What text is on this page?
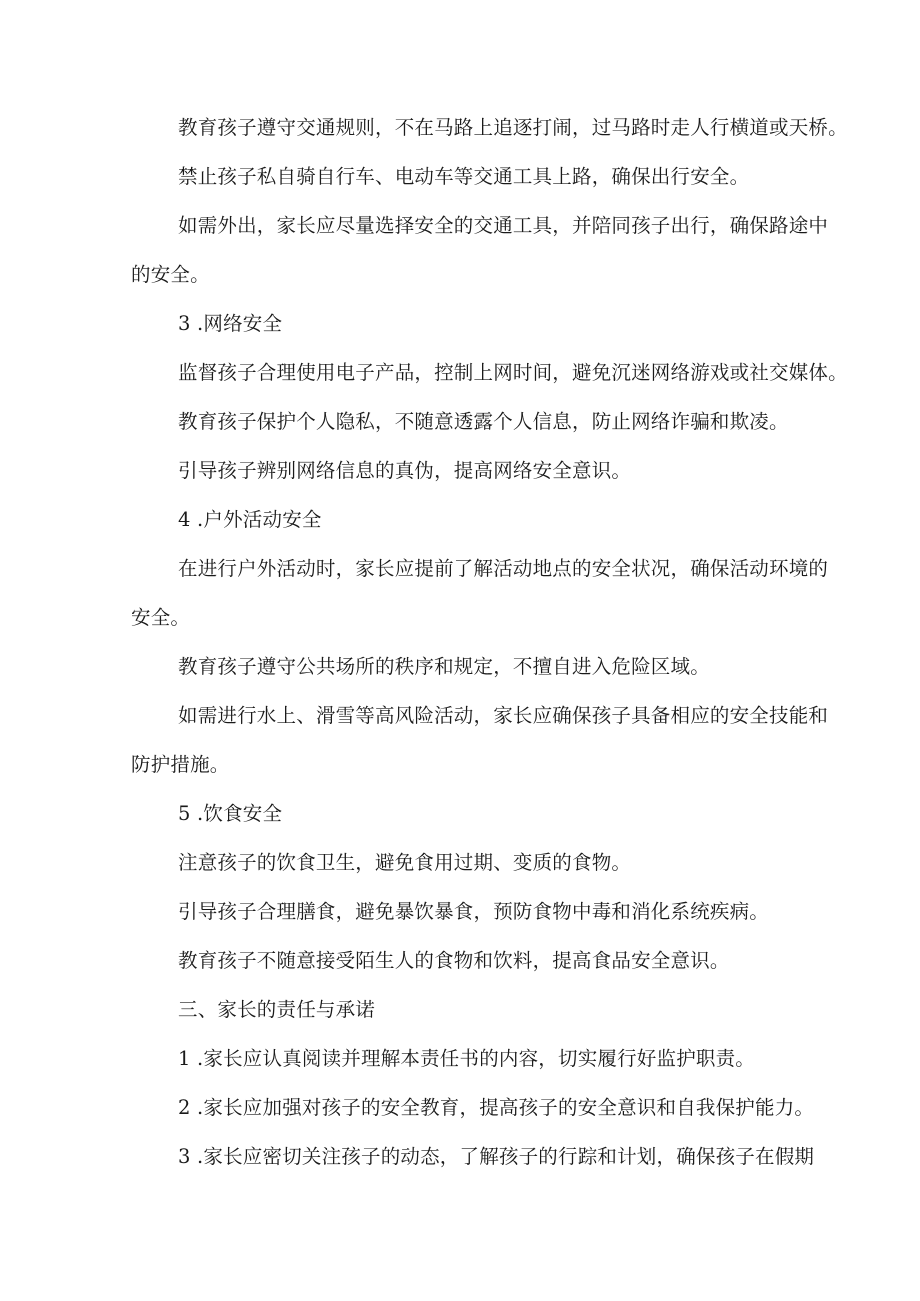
教育孩子遵守交通规则，不在马路上追逐打闹，过马路时走人行横道或天桥。
禁止孩子私自骑自行车、电动车等交通工具上路，确保出行安全。
如需外出，家长应尽量选择安全的交通工具，并陪同孩子出行，确保路途中
的安全。
3 .网络安全
监督孩子合理使用电子产品，控制上网时间，避免沉迷网络游戏或社交媒体。
教育孩子保护个人隐私，不随意透露个人信息，防止网络诈骗和欺凌。
引导孩子辨别网络信息的真伪，提高网络安全意识。
4 .户外活动安全
在进行户外活动时，家长应提前了解活动地点的安全状况，确保活动环境的
安全。
教育孩子遵守公共场所的秩序和规定，不擅自进入危险区域。
如需进行水上、滑雪等高风险活动，家长应确保孩子具备相应的安全技能和
防护措施。
5 .饮食安全
注意孩子的饮食卫生，避免食用过期、变质的食物。
引导孩子合理膳食，避免暴饮暴食，预防食物中毒和消化系统疾病。
教育孩子不随意接受陌生人的食物和饮料，提高食品安全意识。
三、家长的责任与承诺
1 .家长应认真阅读并理解本责任书的内容，切实履行好监护职责。
2 .家长应加强对孩子的安全教育，提高孩子的安全意识和自我保护能力。
3 .家长应密切关注孩子的动态，了解孩子的行踪和计划，确保孩子在假期
